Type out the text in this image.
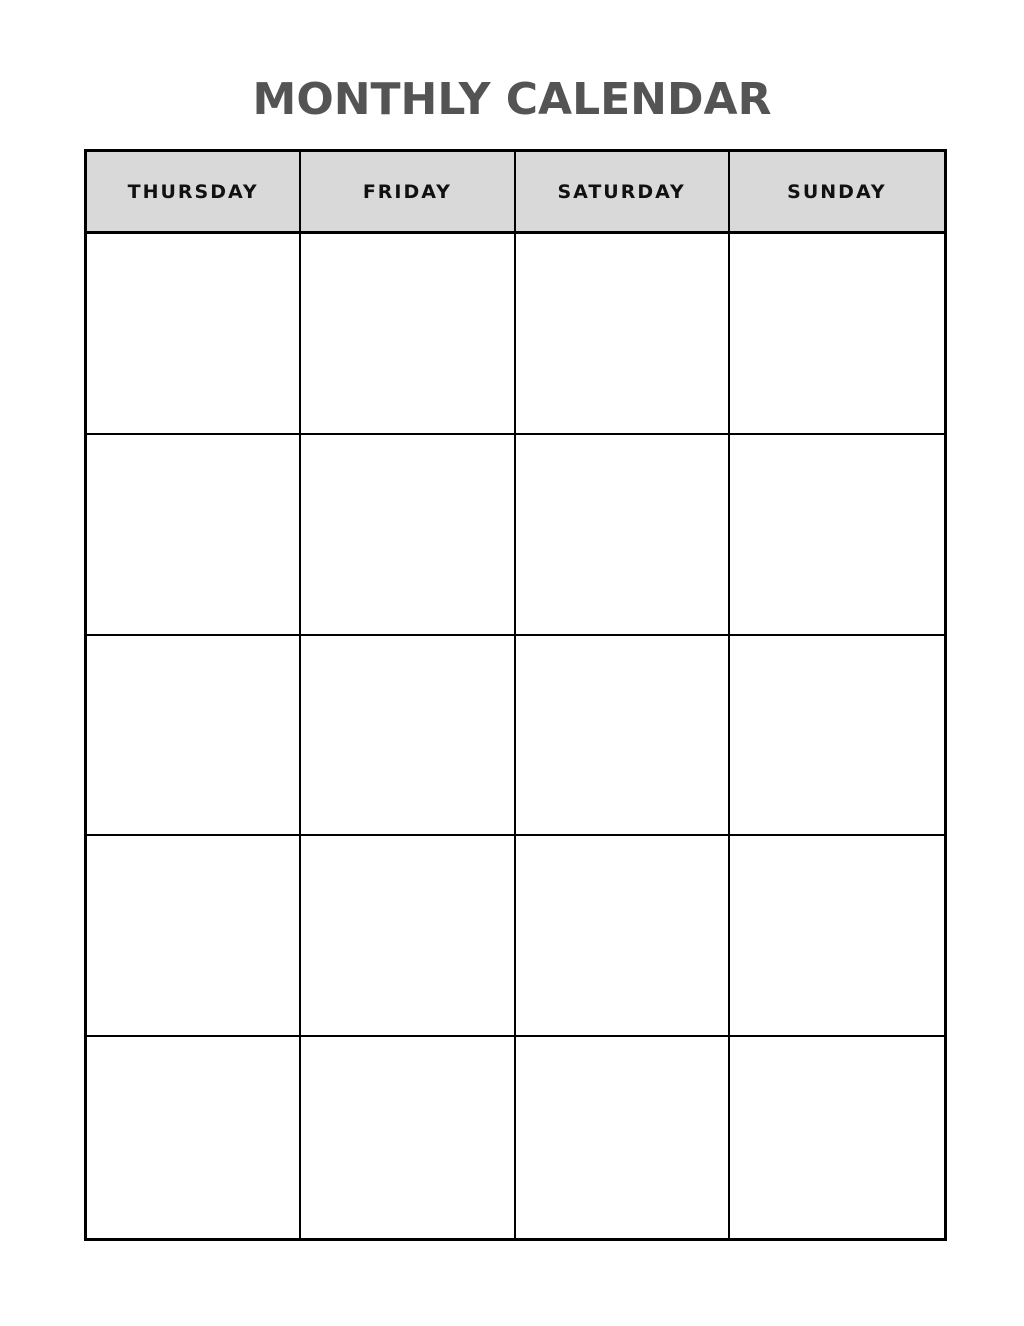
MONTHLY CALENDAR
THURSDAY	FRIDAY	SATURDAY	SUNDAY
